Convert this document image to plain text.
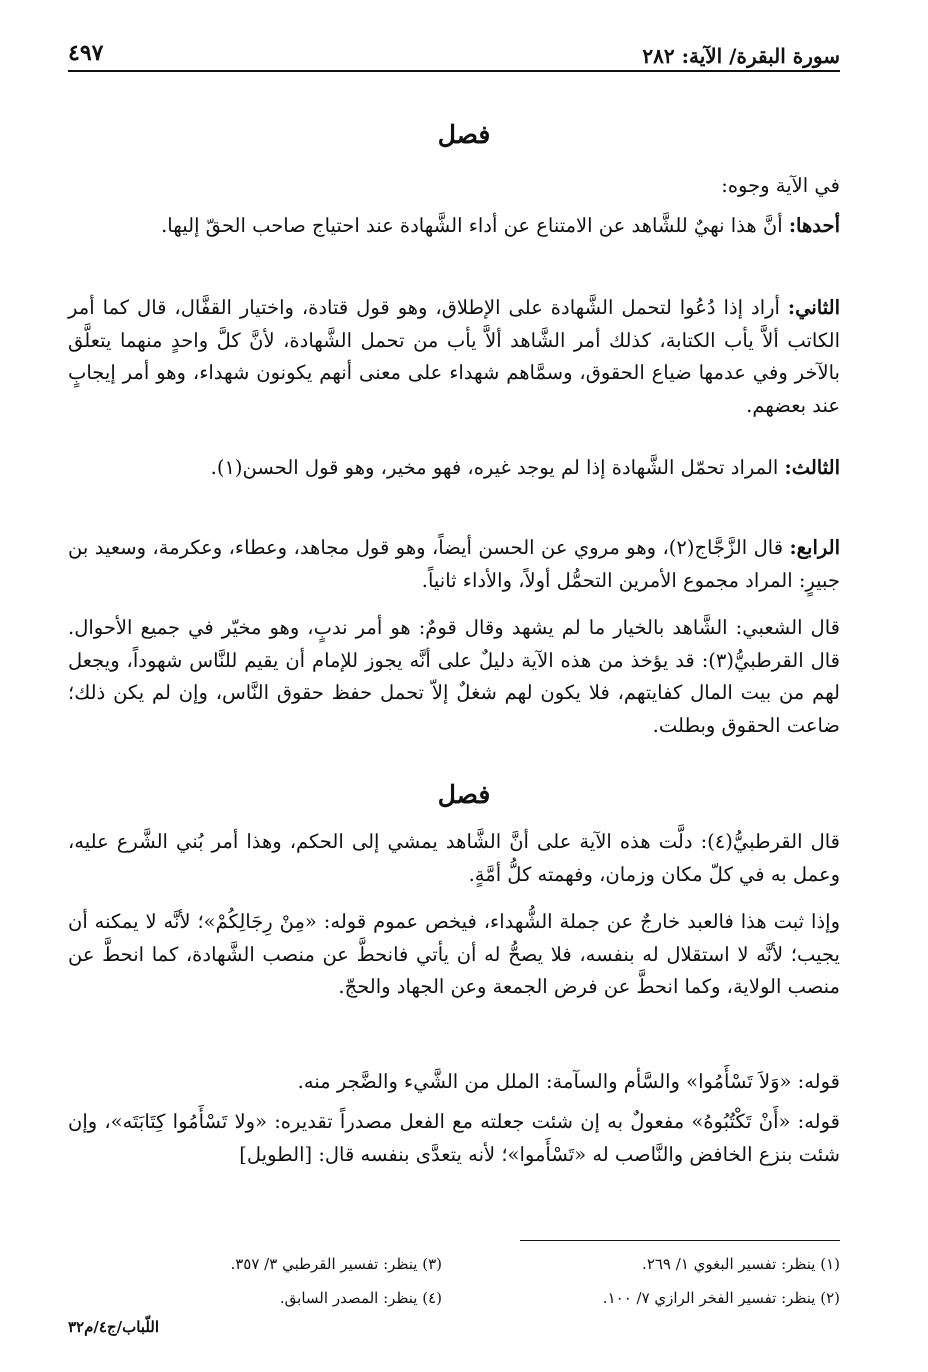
سورة البقرة/ الآية: ٢٨٢
٤٩٧
فصل

في الآية وجوه:

أحدها: أنَّ هذا نهيٌ للشَّاهد عن الامتناع عن أداء الشَّهادة عند احتياج صاحب الحقّ إليها.

الثاني: أراد إذا دُعُوا لتحمل الشَّهادة على الإطلاق، وهو قول قتادة، واختيار القفَّال، قال كما أمر الكاتب ألاَّ يأب الكتابة، كذلك أمر الشَّاهد ألاَّ يأب من تحمل الشَّهادة، لأنَّ كلَّ واحدٍ منهما يتعلَّق بالآخر وفي عدمها ضياع الحقوق، وسمَّاهم شهداء على معنى أنهم يكونون شهداء، وهو أمر إيجابٍ عند بعضهم.

الثالث: المراد تحمّل الشَّهادة إذا لم يوجد غيره، فهو مخير، وهو قول الحسن(١).

الرابع: قال الزَّجَّاج(٢)، وهو مروي عن الحسن أيضاً، وهو قول مجاهد، وعطاء، وعكرمة، وسعيد بن جبيرٍ: المراد مجموع الأمرين التحمُّل أولاً، والأداء ثانياً.

قال الشعبي: الشَّاهد بالخيار ما لم يشهد وقال قومٌ: هو أمر ندبٍ، وهو مخيّر في جميع الأحوال. قال القرطبيُّ(٣): قد يؤخذ من هذه الآية دليلٌ على أنَّه يجوز للإمام أن يقيم للنَّاس شهوداً، ويجعل لهم من بيت المال كفايتهم، فلا يكون لهم شغلٌ إلاّ تحمل حفظ حقوق النَّاس، وإن لم يكن ذلك؛ ضاعت الحقوق وبطلت.

فصل

قال القرطبيُّ(٤): دلَّت هذه الآية على أنَّ الشَّاهد يمشي إلى الحكم، وهذا أمر بُني الشَّرع عليه، وعمل به في كلّ مكان وزمان، وفهمته كلُّ أمَّةٍ.

وإذا ثبت هذا فالعبد خارجٌ عن جملة الشُّهداء، فيخص عموم قوله: «مِنْ رِجَالِكُمْ»؛ لأنَّه لا يمكنه أن يجيب؛ لأنَّه لا استقلال له بنفسه، فلا يصحُّ له أن يأتي فانحطَّ عن منصب الشَّهادة، كما انحطَّ عن منصب الولاية، وكما انحطَّ عن فرض الجمعة وعن الجهاد والحجّ.

قوله: «وَلاَ تَسْأَمُوا» والسَّأم والسآمة: الملل من الشَّيء والضَّجر منه.

قوله: «أَنْ تَكْتُبُوهُ» مفعولٌ به إن شئت جعلته مع الفعل مصدراً تقديره: «ولا تَسْأَمُوا كِتَابَتَه»، وإن شئت بنزع الخافض والنَّاصب له «تَسْأَموا»؛ لأنه يتعدَّى بنفسه قال: [الطويل]

(١) ينظر: تفسير البغوي ١/ ٢٦٩.
(٢) ينظر: تفسير الفخر الرازي ٧/ ١٠٠.
(٣) ينظر: تفسير القرطبي ٣/ ٣٥٧.
(٤) ينظر: المصدر السابق.
اللّباب/ج٤/م٣٢
